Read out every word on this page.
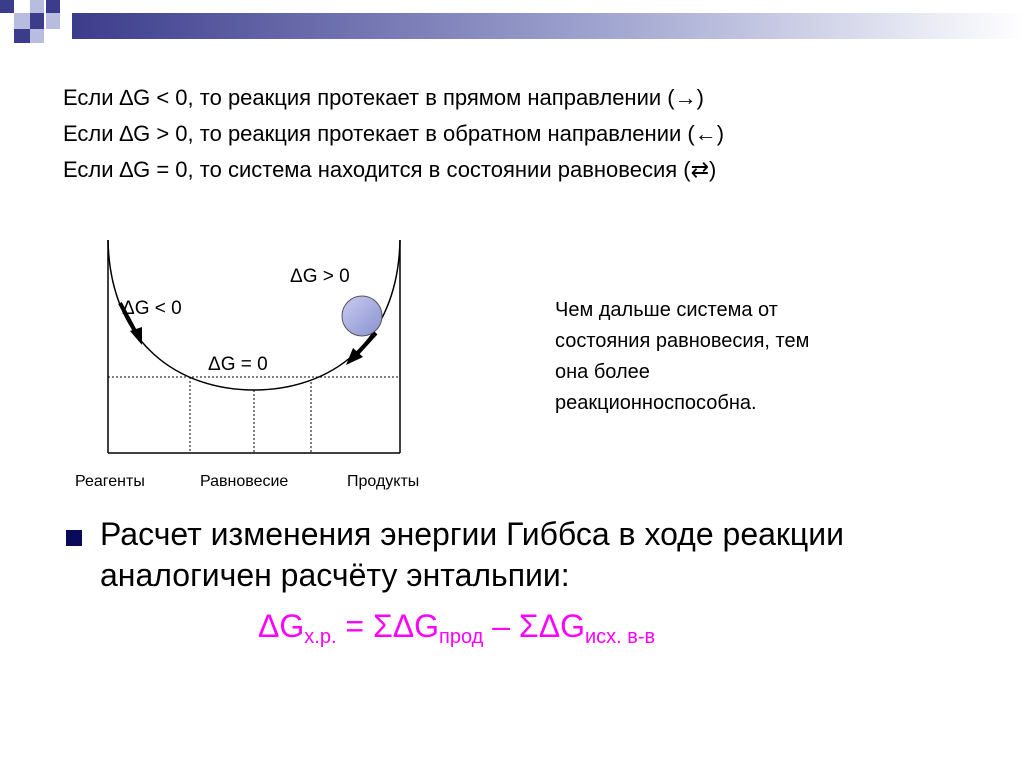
Если ∆G < 0, то реакция протекает в прямом направлении (→)
Если ∆G > 0, то реакция протекает в обратном направлении (←)
Если ∆G = 0, то система находится в состоянии равновесия (⇄)
ΔG > 0
ΔG < 0
ΔG = 0
Реагенты	Равновесие	Продукты
Чем дальше система от состояния равновесия, тем она более реакционноспособна.
Расчет изменения энергии Гиббса в ходе реакции аналогичен расчёту энтальпии:
$\Delta G_{х.р.} = \Sigma\Delta G_{прод} - \Sigma\Delta G_{исх. в-в}$
